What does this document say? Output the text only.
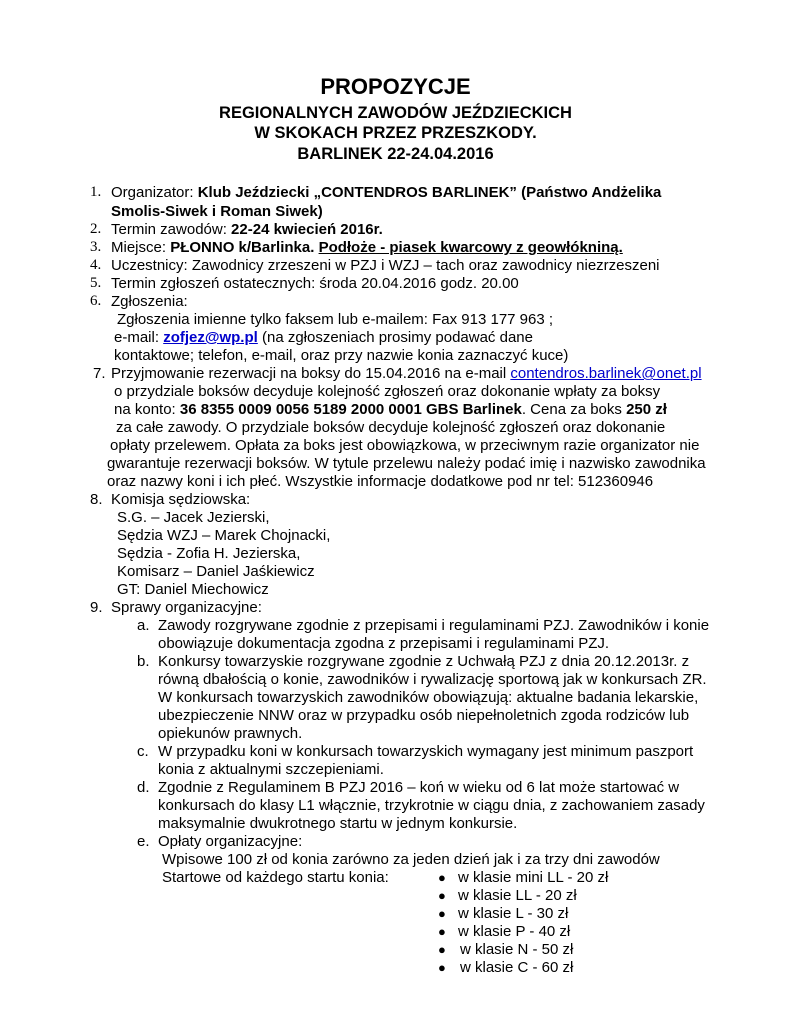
PROPOZYCJE
REGIONALNYCH ZAWODÓW JEŹDZIECKICH
W SKOKACH PRZEZ PRZESZKODY.
BARLINEK 22-24.04.2016
1. Organizator: Klub Jeździecki „CONTENDROS BARLINEK” (Państwo Andżelika
Smolis-Siwek i Roman Siwek)
2. Termin zawodów: 22-24 kwiecień 2016r.
3. Miejsce: PŁONNO k/Barlinka. Podłoże - piasek kwarcowy z geowłókniną.
4. Uczestnicy: Zawodnicy zrzeszeni w PZJ i WZJ – tach oraz zawodnicy niezrzeszeni
5. Termin zgłoszeń ostatecznych: środa 20.04.2016 godz. 20.00
6. Zgłoszenia:
Zgłoszenia imienne tylko faksem lub e-mailem: Fax 913 177 963 ;
e-mail: zofjez@wp.pl (na zgłoszeniach prosimy podawać dane
kontaktowe; telefon, e-mail, oraz przy nazwie konia zaznaczyć kuce)
7. Przyjmowanie rezerwacji na boksy do 15.04.2016 na e-mail contendros.barlinek@onet.pl
o przydziale boksów decyduje kolejność zgłoszeń oraz dokonanie wpłaty za boksy
na konto: 36 8355 0009 0056 5189 2000 0001 GBS Barlinek. Cena za boks 250 zł
za całe zawody. O przydziale boksów decyduje kolejność zgłoszeń oraz dokonanie
opłaty przelewem. Opłata za boks jest obowiązkowa, w przeciwnym razie organizator nie
gwarantuje rezerwacji boksów. W tytule przelewu należy podać imię i nazwisko zawodnika
oraz nazwy koni i ich płeć. Wszystkie informacje dodatkowe pod nr tel: 512360946
8. Komisja sędziowska:
S.G. – Jacek Jezierski,
Sędzia WZJ – Marek Chojnacki,
Sędzia - Zofia H. Jezierska,
Komisarz – Daniel Jaśkiewicz
GT: Daniel Miechowicz
9. Sprawy organizacyjne:
a. Zawody rozgrywane zgodnie z przepisami i regulaminami PZJ. Zawodników i konie
obowiązuje dokumentacja zgodna z przepisami i regulaminami PZJ.
b. Konkursy towarzyskie rozgrywane zgodnie z Uchwałą PZJ z dnia 20.12.2013r. z
równą dbałością o konie, zawodników i rywalizację sportową jak w konkursach ZR.
W konkursach towarzyskich zawodników obowiązują: aktualne badania lekarskie,
ubezpieczenie NNW oraz w przypadku osób niepełnoletnich zgoda rodziców lub
opiekunów prawnych.
c. W przypadku koni w konkursach towarzyskich wymagany jest minimum paszport
konia z aktualnymi szczepieniami.
d. Zgodnie z Regulaminem B PZJ 2016 – koń w wieku od 6 lat może startować w
konkursach do klasy L1 włącznie, trzykrotnie w ciągu dnia, z zachowaniem zasady
maksymalnie dwukrotnego startu w jednym konkursie.
e. Opłaty organizacyjne:
Wpisowe 100 zł od konia zarówno za jeden dzień jak i za trzy dni zawodów
Startowe od każdego startu konia:	● w klasie mini LL - 20 zł
● w klasie LL - 20 zł
● w klasie L - 30 zł
● w klasie P - 40 zł
● w klasie N - 50 zł
● w klasie C - 60 zł
